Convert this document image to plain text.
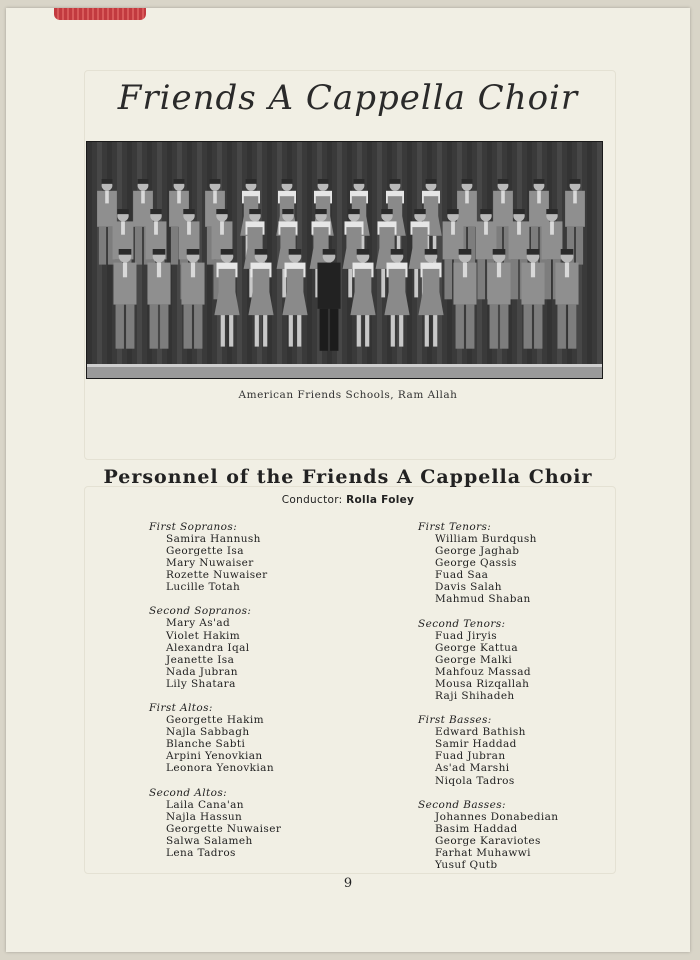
Friends A Cappella Choir
American Friends Schools, Ram Allah
Personnel of the Friends A Cappella Choir
Conductor: Rolla Foley
First Sopranos:
Samira Hannush
Georgette Isa
Mary Nuwaiser
Rozette Nuwaiser
Lucille Totah
Second Sopranos:
Mary As'ad
Violet Hakim
Alexandra Iqal
Jeanette Isa
Nada Jubran
Lily Shatara
First Altos:
Georgette Hakim
Najla Sabbagh
Blanche Sabti
Arpini Yenovkian
Leonora Yenovkian
Second Altos:
Laila Cana'an
Najla Hassun
Georgette Nuwaiser
Salwa Salameh
Lena Tadros
First Tenors:
William Burdqush
George Jaghab
George Qassis
Fuad Saa
Davis Salah
Mahmud Shaban
Second Tenors:
Fuad Jiryis
George Kattua
George Malki
Mahfouz Massad
Mousa Rizqallah
Raji Shihadeh
First Basses:
Edward Bathish
Samir Haddad
Fuad Jubran
As'ad Marshi
Niqola Tadros
Second Basses:
Johannes Donabedian
Basim Haddad
George Karaviotes
Farhat Muhawwi
Yusuf Qutb
9
